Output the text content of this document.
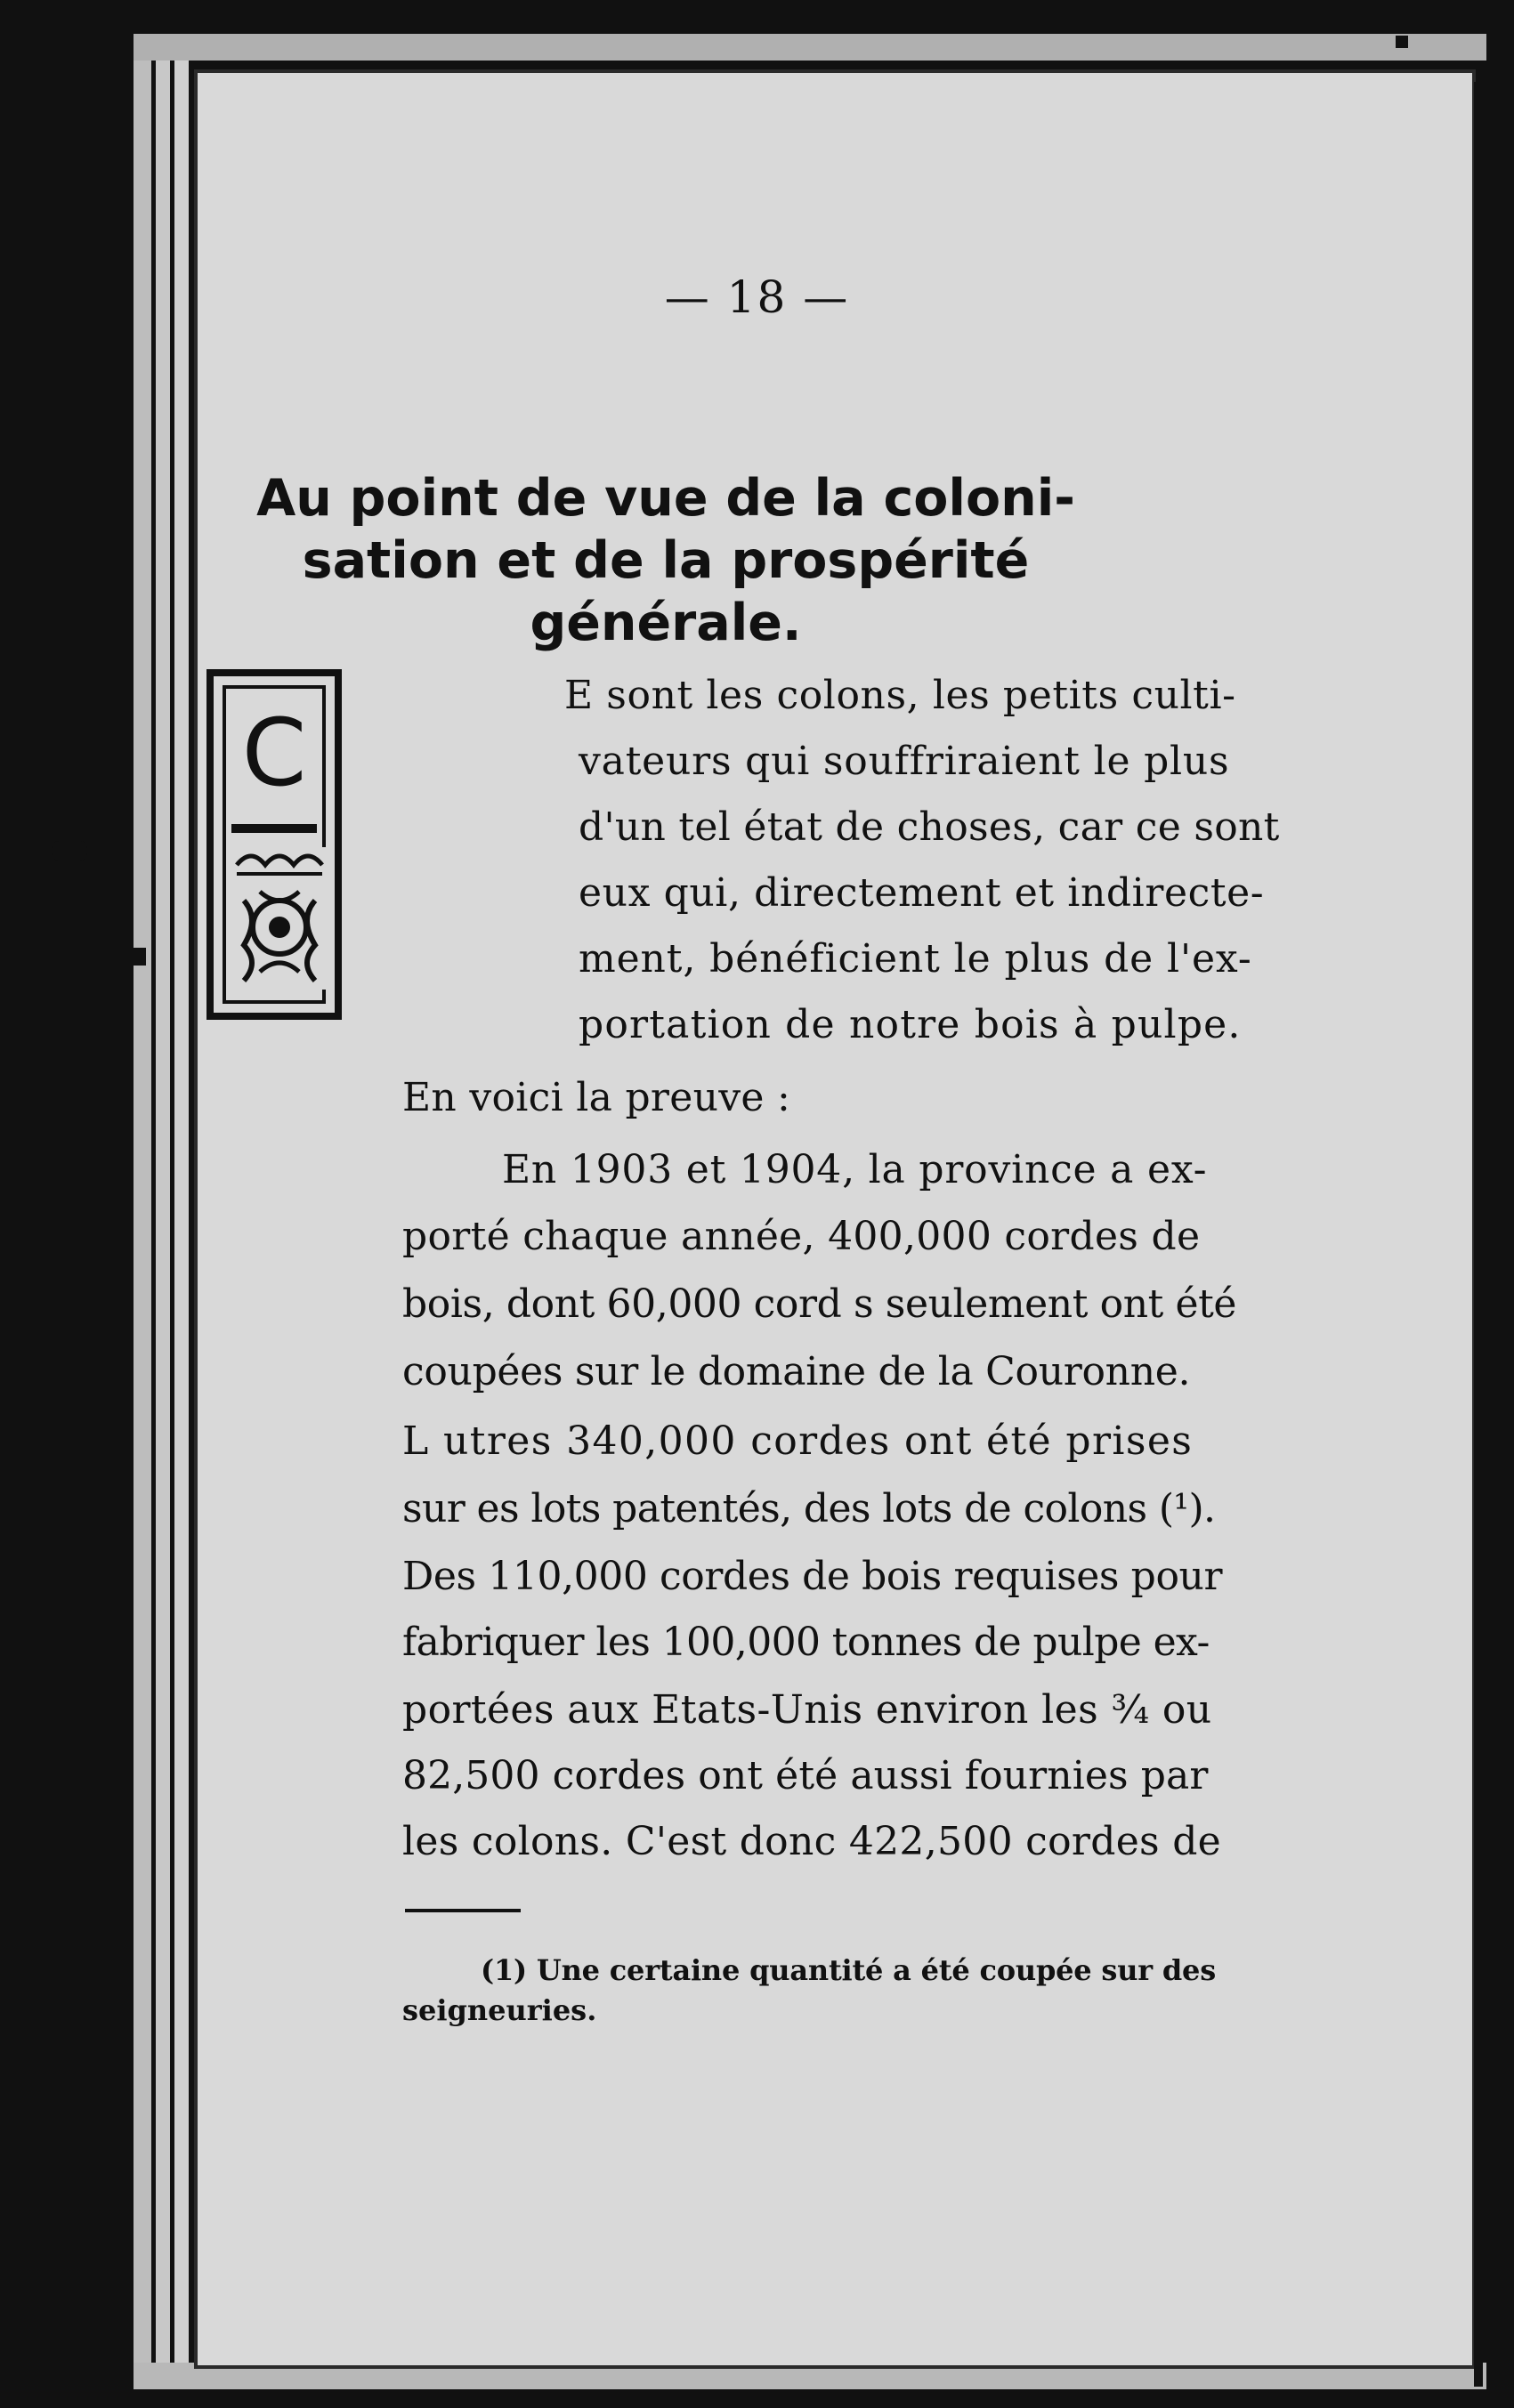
— 18 —
Au point de vue de la coloni-
sation et de la prospérité
générale.
C
E sont les colons, les petits culti-
vateurs qui souffriraient le plus
d'un tel état de choses, car ce sont
eux qui, directement et indirecte-
ment, bénéficient le plus de l'ex-
portation de notre bois à pulpe.
En voici la preuve :
En 1903 et 1904, la province a ex-
porté chaque année, 400,000 cordes de
bois, dont 60,000 cord s seulement ont été
coupées sur le domaine de la Couronne.
L utres 340,000 cordes ont été prises
sur es lots patentés, des lots de colons (¹).
Des 110,000 cordes de bois requises pour
fabriquer les 100,000 tonnes de pulpe ex-
portées aux Etats-Unis environ les ¾ ou
82,500 cordes ont été aussi fournies par
les colons. C'est donc 422,500 cordes de
(1) Une certaine quantité a été coupée sur des
seigneuries.
